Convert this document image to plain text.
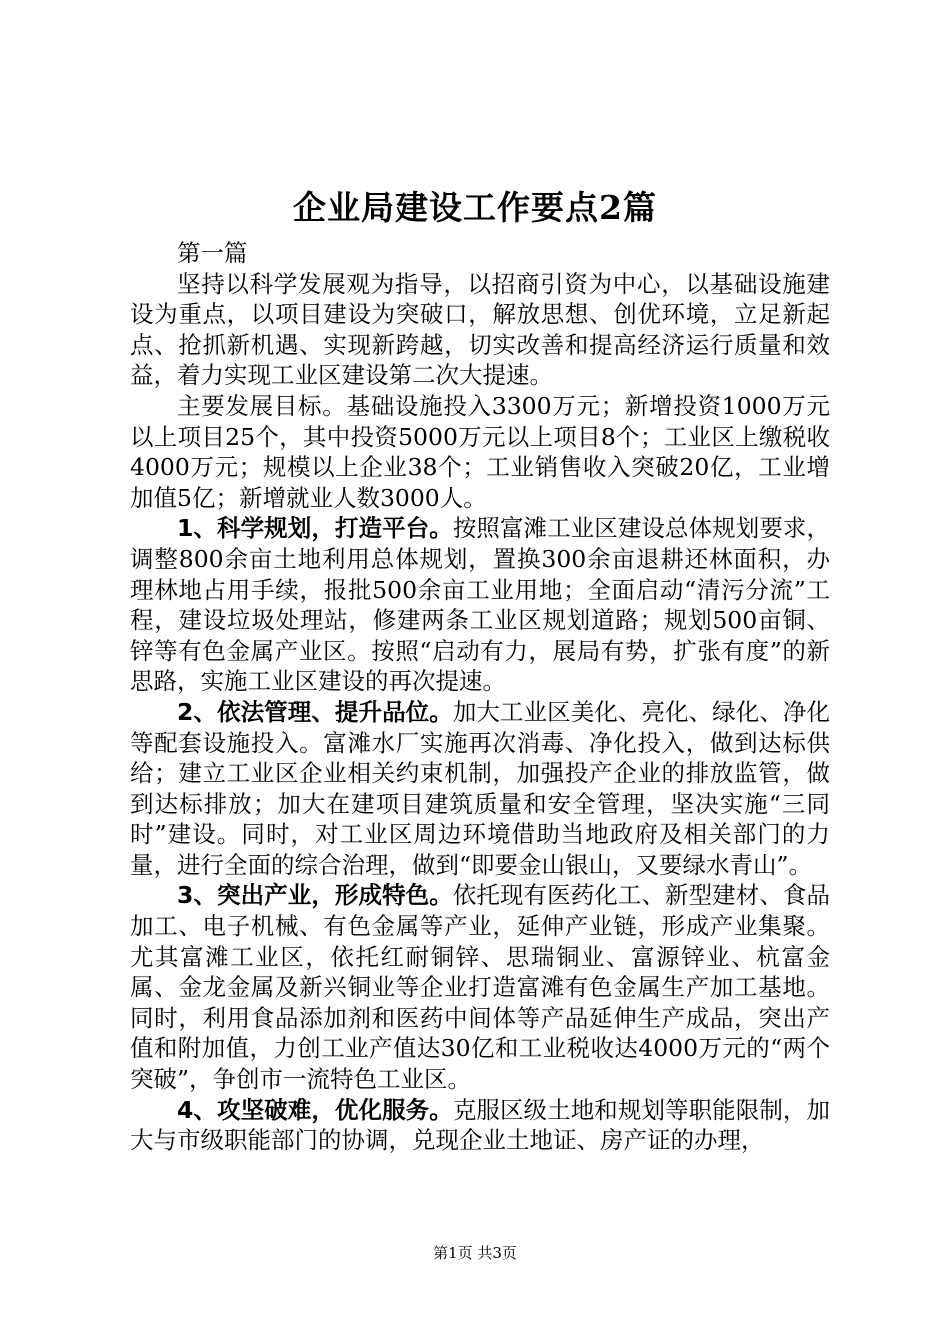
企业局建设工作要点2篇

第一篇

坚持以科学发展观为指导，以招商引资为中心，以基础设施建设为重点，以项目建设为突破口，解放思想、创优环境，立足新起点、抢抓新机遇、实现新跨越，切实改善和提高经济运行质量和效益，着力实现工业区建设第二次大提速。

主要发展目标。基础设施投入3300万元；新增投资1000万元以上项目25个，其中投资5000万元以上项目8个；工业区上缴税收4000万元；规模以上企业38个；工业销售收入突破20亿，工业增加值5亿；新增就业人数3000人。

1、科学规划，打造平台。按照富滩工业区建设总体规划要求，调整800余亩土地利用总体规划，置换300余亩退耕还林面积，办理林地占用手续，报批500余亩工业用地；全面启动“清污分流”工程，建设垃圾处理站，修建两条工业区规划道路；规划500亩铜、锌等有色金属产业区。按照“启动有力，展局有势，扩张有度”的新思路，实施工业区建设的再次提速。

2、依法管理、提升品位。加大工业区美化、亮化、绿化、净化等配套设施投入。富滩水厂实施再次消毒、净化投入，做到达标供给；建立工业区企业相关约束机制，加强投产企业的排放监管，做到达标排放；加大在建项目建筑质量和安全管理，坚决实施“三同时”建设。同时，对工业区周边环境借助当地政府及相关部门的力量，进行全面的综合治理，做到“即要金山银山，又要绿水青山”。

3、突出产业，形成特色。依托现有医药化工、新型建材、食品加工、电子机械、有色金属等产业，延伸产业链，形成产业集聚。尤其富滩工业区，依托红耐铜锌、思瑞铜业、富源锌业、杭富金属、金龙金属及新兴铜业等企业打造富滩有色金属生产加工基地。同时，利用食品添加剂和医药中间体等产品延伸生产成品，突出产值和附加值，力创工业产值达30亿和工业税收达4000万元的“两个突破”，争创市一流特色工业区。

4、攻坚破难，优化服务。克服区级土地和规划等职能限制，加大与市级职能部门的协调，兑现企业土地证、房产证的办理，

第1页 共3页
